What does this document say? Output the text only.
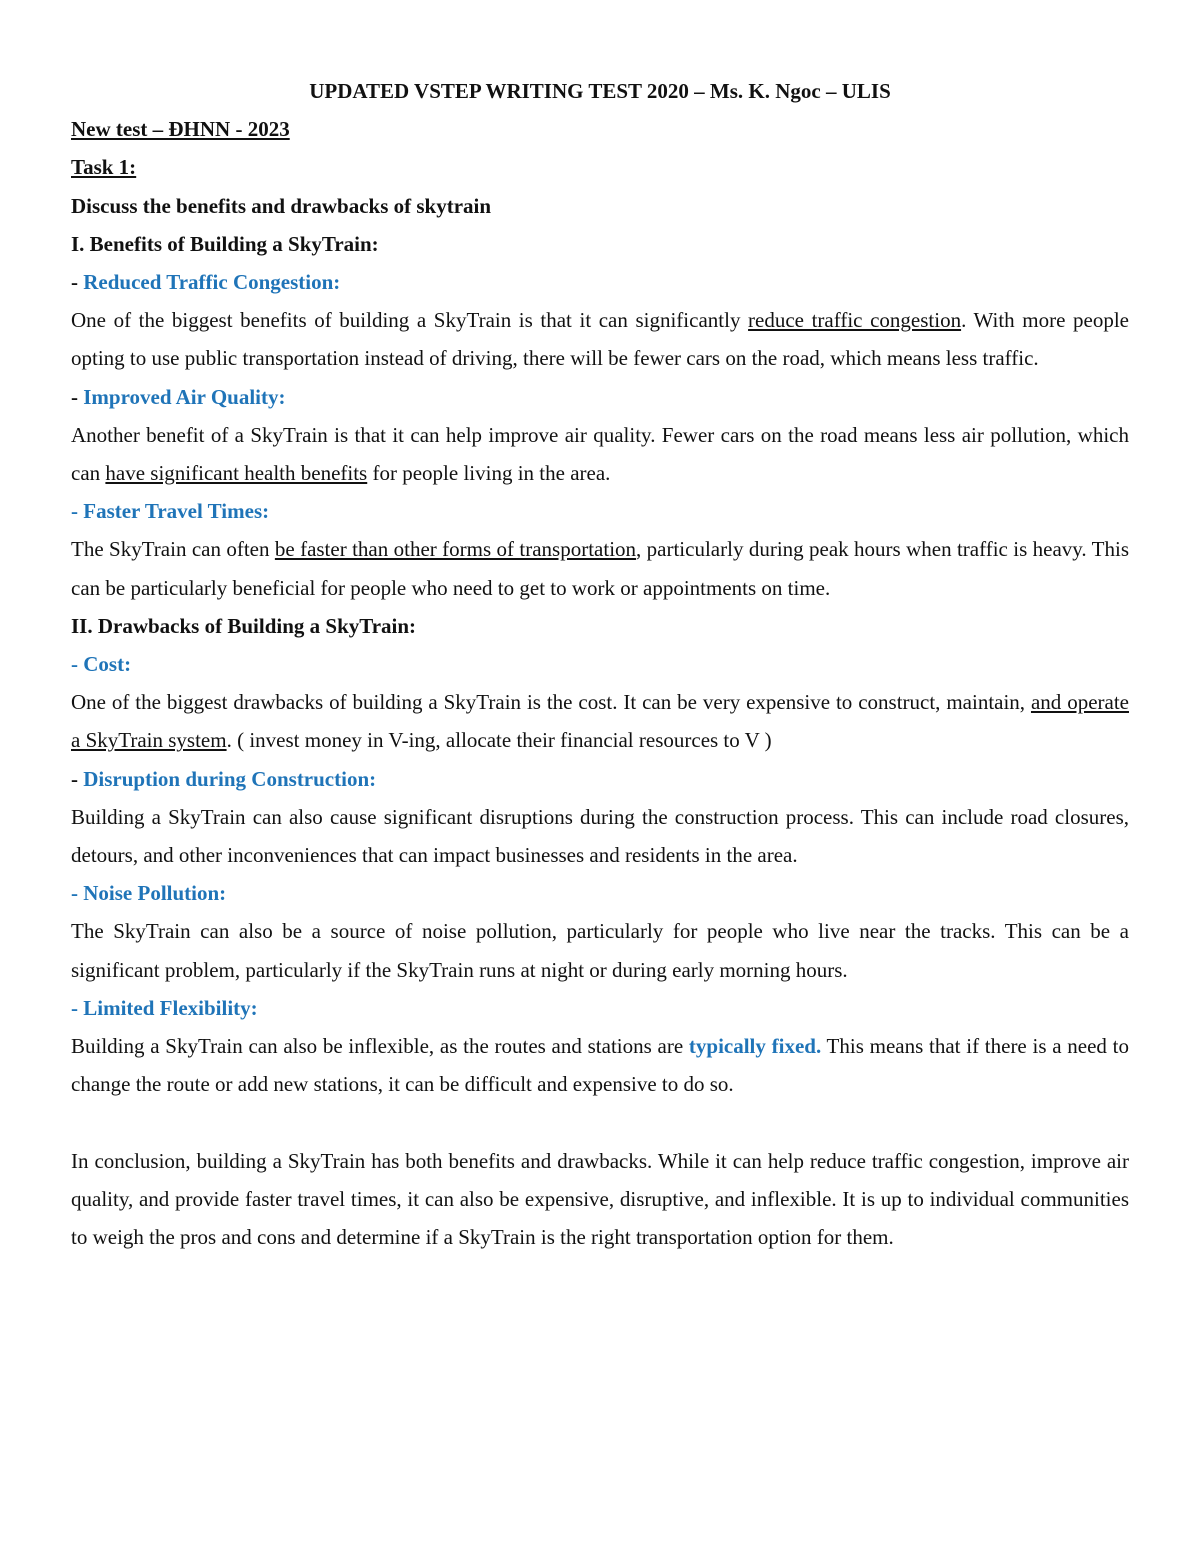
UPDATED VSTEP WRITING TEST 2020 – Ms. K. Ngoc – ULIS

New test – ĐHNN - 2023

Task 1:

Discuss the benefits and drawbacks of skytrain

I. Benefits of Building a SkyTrain:

- Reduced Traffic Congestion:

One of the biggest benefits of building a SkyTrain is that it can significantly reduce traffic congestion. With more people opting to use public transportation instead of driving, there will be fewer cars on the road, which means less traffic.

- Improved Air Quality:

Another benefit of a SkyTrain is that it can help improve air quality. Fewer cars on the road means less air pollution, which can have significant health benefits for people living in the area.

- Faster Travel Times:

The SkyTrain can often be faster than other forms of transportation, particularly during peak hours when traffic is heavy. This can be particularly beneficial for people who need to get to work or appointments on time.

II. Drawbacks of Building a SkyTrain:

- Cost:

One of the biggest drawbacks of building a SkyTrain is the cost. It can be very expensive to construct, maintain, and operate a SkyTrain system. ( invest money in V-ing, allocate their financial resources to V )

- Disruption during Construction:

Building a SkyTrain can also cause significant disruptions during the construction process. This can include road closures, detours, and other inconveniences that can impact businesses and residents in the area.

- Noise Pollution:

The SkyTrain can also be a source of noise pollution, particularly for people who live near the tracks. This can be a significant problem, particularly if the SkyTrain runs at night or during early morning hours.

- Limited Flexibility:

Building a SkyTrain can also be inflexible, as the routes and stations are typically fixed. This means that if there is a need to change the route or add new stations, it can be difficult and expensive to do so.

In conclusion, building a SkyTrain has both benefits and drawbacks. While it can help reduce traffic congestion, improve air quality, and provide faster travel times, it can also be expensive, disruptive, and inflexible. It is up to individual communities to weigh the pros and cons and determine if a SkyTrain is the right transportation option for them.
